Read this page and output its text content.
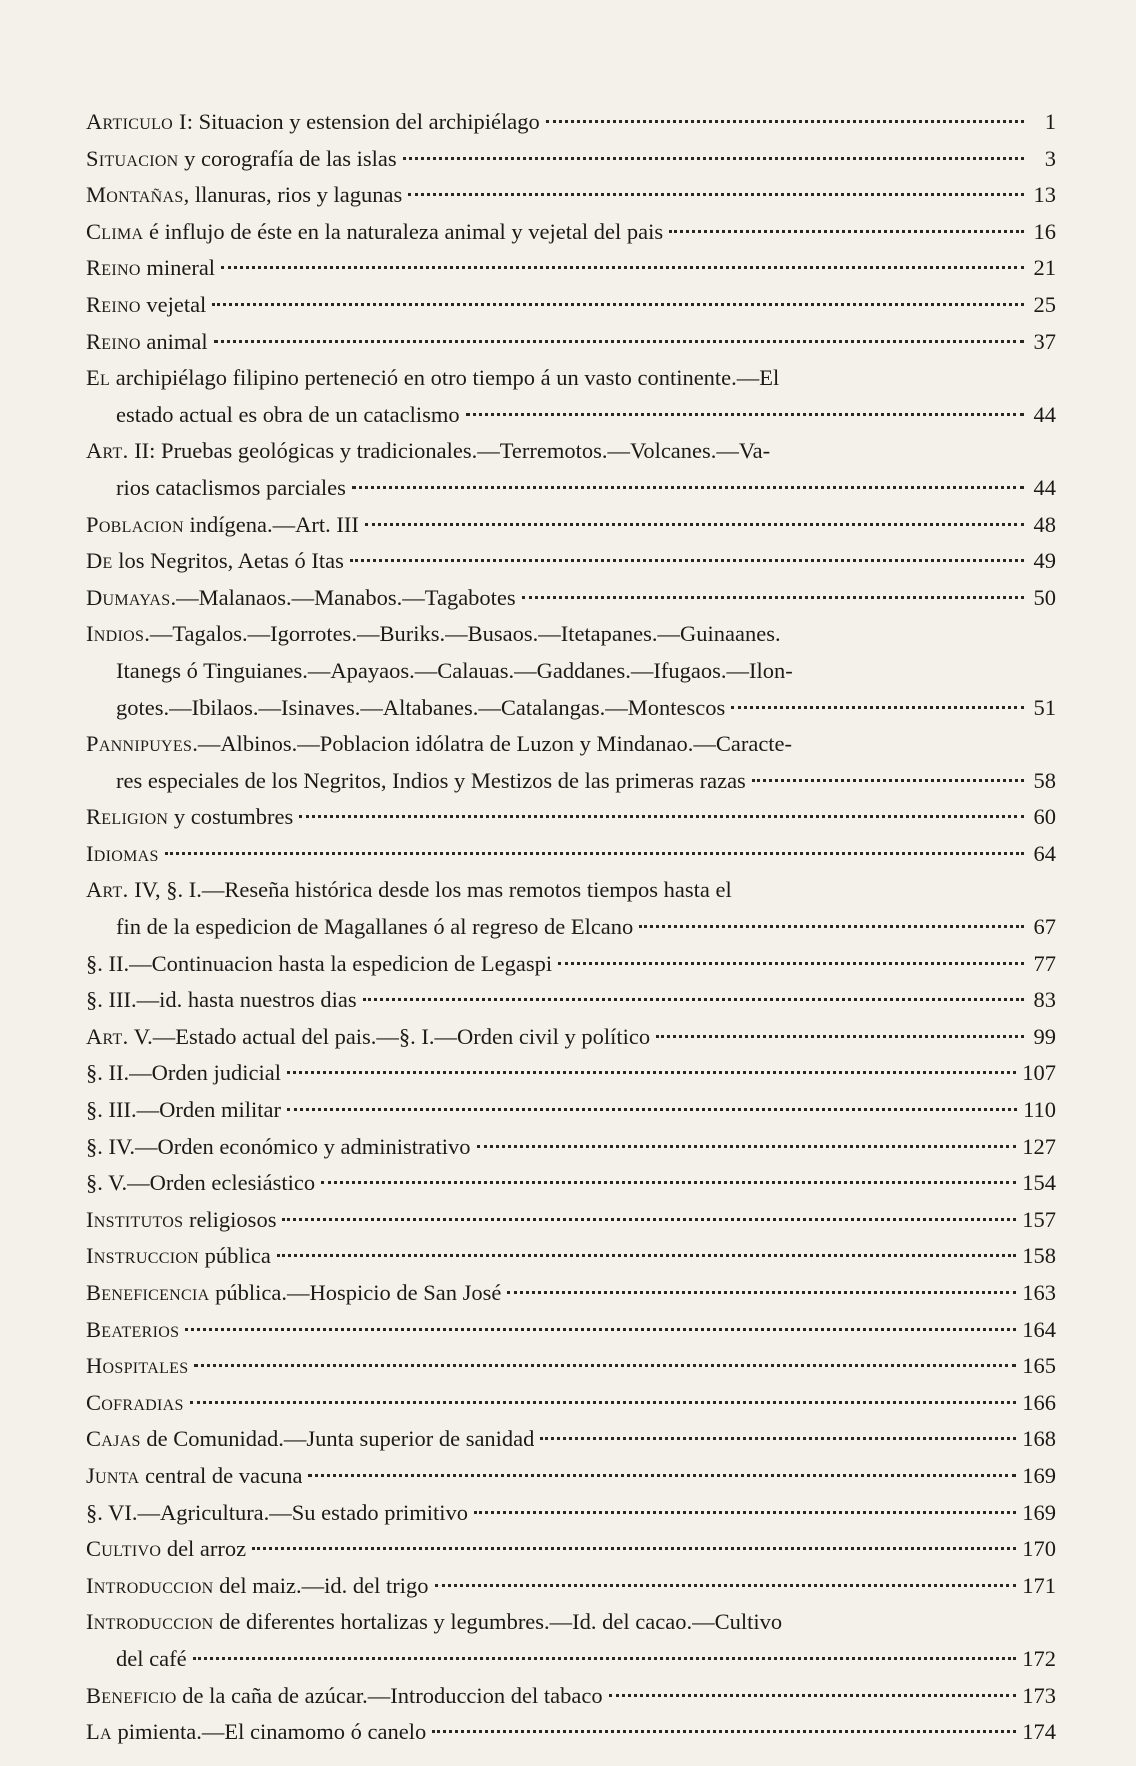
Articulo I: Situacion y estension del archipiélago	1
Situacion y corografía de las islas	3
Montañas, llanuras, rios y lagunas	13
Clima é influjo de éste en la naturaleza animal y vejetal del pais	16
Reino mineral	21
Reino vejetal	25
Reino animal	37
El archipiélago filipino perteneció en otro tiempo á un vasto continente.—El
estado actual es obra de un cataclismo	44
Art. II: Pruebas geológicas y tradicionales.—Terremotos.—Volcanes.—Va-
rios cataclismos parciales	44
Poblacion indígena.—Art. III	48
De los Negritos, Aetas ó Itas	49
Dumayas.—Malanaos.—Manabos.—Tagabotes	50
Indios.—Tagalos.—Igorrotes.—Buriks.—Busaos.—Itetapanes.—Guinaanes.
Itanegs ó Tinguianes.—Apayaos.—Calauas.—Gaddanes.—Ifugaos.—Ilon-
gotes.—Ibilaos.—Isinaves.—Altabanes.—Catalangas.—Montescos	51
Pannipuyes.—Albinos.—Poblacion idólatra de Luzon y Mindanao.—Caracte-
res especiales de los Negritos, Indios y Mestizos de las primeras razas	58
Religion y costumbres	60
Idiomas	64
Art. IV, §. I.—Reseña histórica desde los mas remotos tiempos hasta el
fin de la espedicion de Magallanes ó al regreso de Elcano	67
§. II.—Continuacion hasta la espedicion de Legaspi	77
§. III.—id. hasta nuestros dias	83
Art. V.—Estado actual del pais.—§. I.—Orden civil y político	99
§. II.—Orden judicial	107
§. III.—Orden militar	110
§. IV.—Orden económico y administrativo	127
§. V.—Orden eclesiástico	154
Institutos religiosos	157
Instruccion pública	158
Beneficencia pública.—Hospicio de San José	163
Beaterios	164
Hospitales	165
Cofradias	166
Cajas de Comunidad.—Junta superior de sanidad	168
Junta central de vacuna	169
§. VI.—Agricultura.—Su estado primitivo	169
Cultivo del arroz	170
Introduccion del maiz.—id. del trigo	171
Introduccion de diferentes hortalizas y legumbres.—Id. del cacao.—Cultivo
del café	172
Beneficio de la caña de azúcar.—Introduccion del tabaco	173
La pimienta.—El cinamomo ó canelo	174
